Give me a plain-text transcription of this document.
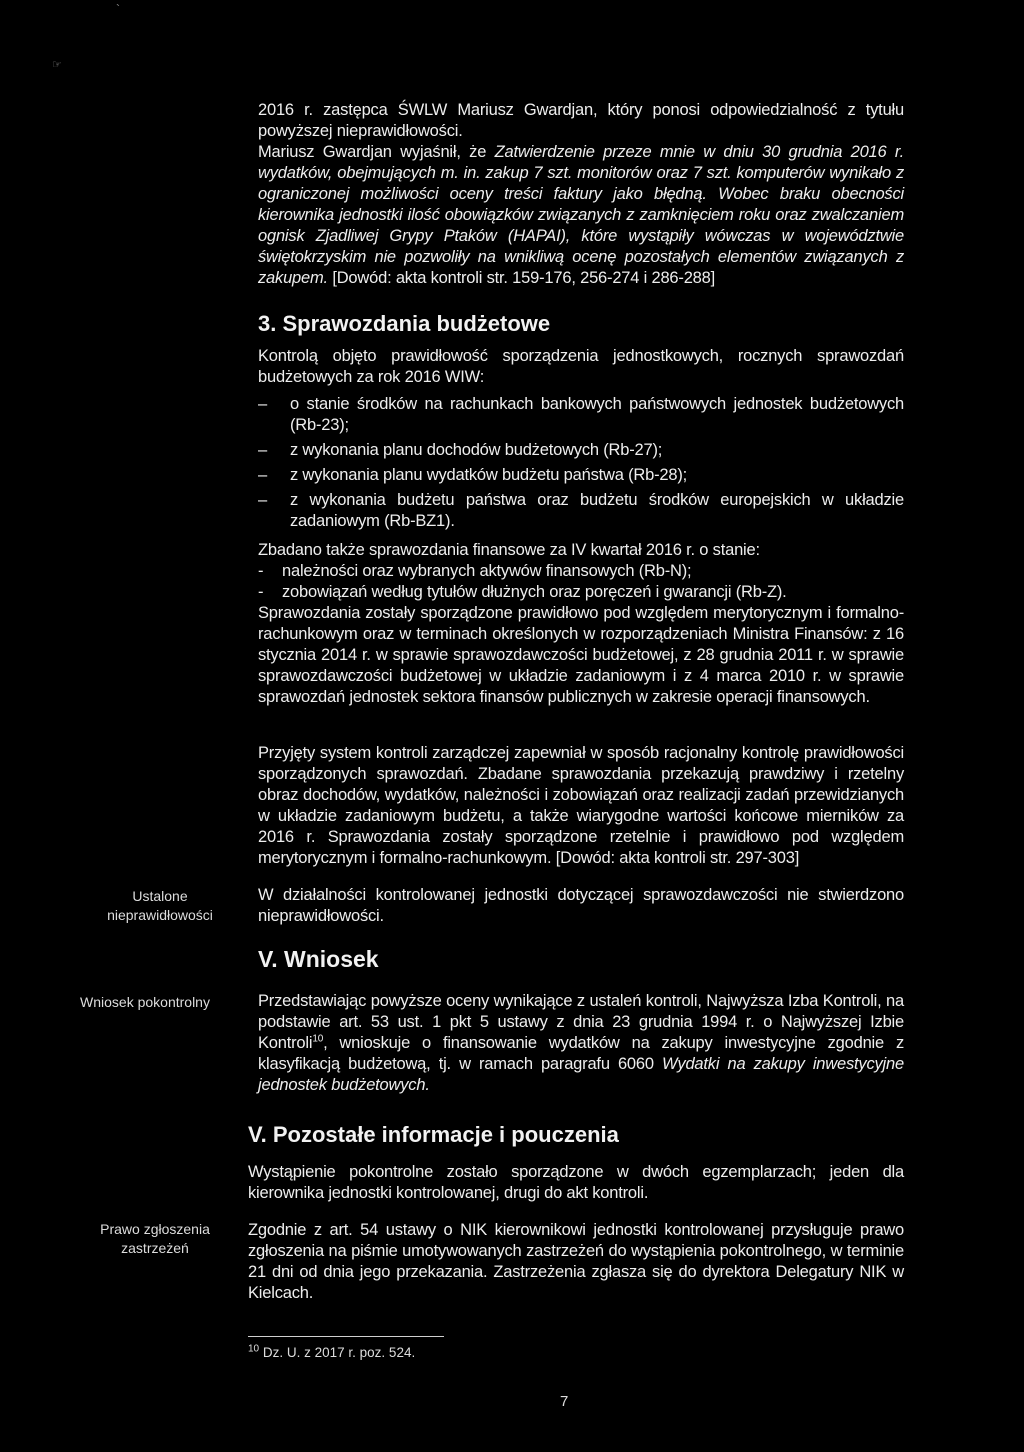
`
☞
2016 r. zastępca ŚWLW Mariusz Gwardjan, który ponosi odpowiedzialność z tytułu powyższej nieprawidłowości.
Mariusz Gwardjan wyjaśnił, że Zatwierdzenie przeze mnie w dniu 30 grudnia 2016 r. wydatków, obejmujących m. in. zakup 7 szt. monitorów oraz 7 szt. komputerów wynikało z ograniczonej możliwości oceny treści faktury jako błędną. Wobec braku obecności kierownika jednostki ilość obowiązków związanych z zamknięciem roku oraz zwalczaniem ognisk Zjadliwej Grypy Ptaków (HAPAI), które wystąpiły wówczas w województwie świętokrzyskim nie pozwoliły na wnikliwą ocenę pozostałych elementów związanych z zakupem. [Dowód: akta kontroli str. 159-176, 256-274 i 286-288]
3. Sprawozdania budżetowe
Kontrolą objęto prawidłowość sporządzenia jednostkowych, rocznych sprawozdań budżetowych za rok 2016 WIW:
– o stanie środków na rachunkach bankowych państwowych jednostek budżetowych (Rb-23);
– z wykonania planu dochodów budżetowych (Rb-27);
– z wykonania planu wydatków budżetu państwa (Rb-28);
– z wykonania budżetu państwa oraz budżetu środków europejskich w układzie zadaniowym (Rb-BZ1).
Zbadano także sprawozdania finansowe za IV kwartał 2016 r. o stanie:
- należności oraz wybranych aktywów finansowych (Rb-N);
- zobowiązań według tytułów dłużnych oraz poręczeń i gwarancji (Rb-Z).
Sprawozdania zostały sporządzone prawidłowo pod względem merytorycznym i formalno-rachunkowym oraz w terminach określonych w rozporządzeniach Ministra Finansów: z 16 stycznia 2014 r. w sprawie sprawozdawczości budżetowej, z 28 grudnia 2011 r. w sprawie sprawozdawczości budżetowej w układzie zadaniowym i z 4 marca 2010 r. w sprawie sprawozdań jednostek sektora finansów publicznych w zakresie operacji finansowych.
Przyjęty system kontroli zarządczej zapewniał w sposób racjonalny kontrolę prawidłowości sporządzonych sprawozdań. Zbadane sprawozdania przekazują prawdziwy i rzetelny obraz dochodów, wydatków, należności i zobowiązań oraz realizacji zadań przewidzianych w układzie zadaniowym budżetu, a także wiarygodne wartości końcowe mierników za 2016 r. Sprawozdania zostały sporządzone rzetelnie i prawidłowo pod względem merytorycznym i formalno-rachunkowym. [Dowód: akta kontroli str. 297-303]
Ustalone nieprawidłowości
W działalności kontrolowanej jednostki dotyczącej sprawozdawczości nie stwierdzono nieprawidłowości.
V. Wniosek
Wniosek pokontrolny	Przedstawiając powyższe oceny wynikające z ustaleń kontroli, Najwyższa Izba Kontroli, na podstawie art. 53 ust. 1 pkt 5 ustawy z dnia 23 grudnia 1994 r. o Najwyższej Izbie Kontroli$^{10}$, wnioskuje o finansowanie wydatków na zakupy inwestycyjne zgodnie z klasyfikacją budżetową, tj. w ramach paragrafu 6060 Wydatki na zakupy inwestycyjne jednostek budżetowych.
V. Pozostałe informacje i pouczenia
Wystąpienie pokontrolne zostało sporządzone w dwóch egzemplarzach; jeden dla kierownika jednostki kontrolowanej, drugi do akt kontroli.
Prawo zgłoszenia zastrzeżeń
Zgodnie z art. 54 ustawy o NIK kierownikowi jednostki kontrolowanej przysługuje prawo zgłoszenia na piśmie umotywowanych zastrzeżeń do wystąpienia pokontrolnego, w terminie 21 dni od dnia jego przekazania. Zastrzeżenia zgłasza się do dyrektora Delegatury NIK w Kielcach.
$^{10}$ Dz. U. z 2017 r. poz. 524.
7
